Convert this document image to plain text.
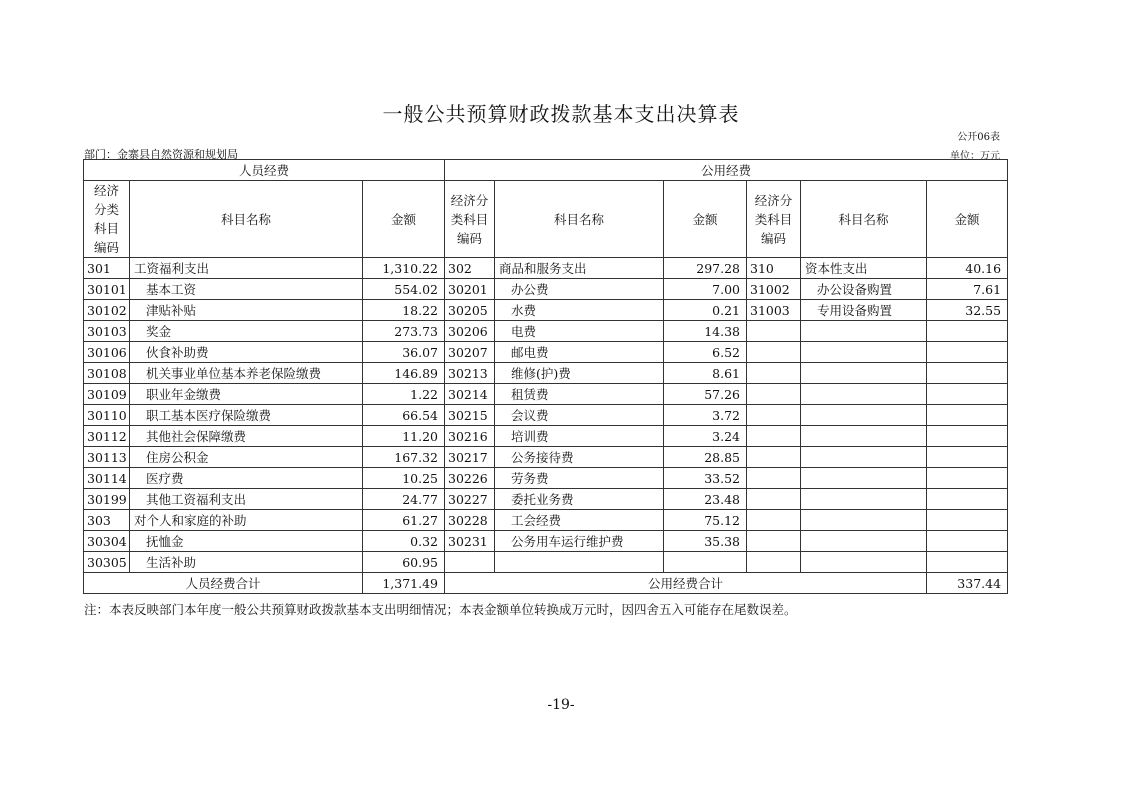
一般公共预算财政拨款基本支出决算表
公开06表
部门：金寨县自然资源和规划局	单位：万元
人员经费			公用经费					
经济分类科目编码	科目名称	金额	经济分类科目编码	科目名称	金额	经济分类科目编码	科目名称	金额
301	工资福利支出	1,310.22	302	商品和服务支出	297.28	310	资本性支出	40.16
30101	基本工资	554.02	30201	办公费	7.00	31002	办公设备购置	7.61
30102	津贴补贴	18.22	30205	水费	0.21	31003	专用设备购置	32.55
30103	奖金	273.73	30206	电费	14.38			
30106	伙食补助费	36.07	30207	邮电费	6.52			
30108	机关事业单位基本养老保险缴费	146.89	30213	维修(护)费	8.61			
30109	职业年金缴费	1.22	30214	租赁费	57.26			
30110	职工基本医疗保险缴费	66.54	30215	会议费	3.72			
30112	其他社会保障缴费	11.20	30216	培训费	3.24			
30113	住房公积金	167.32	30217	公务接待费	28.85			
30114	医疗费	10.25	30226	劳务费	33.52			
30199	其他工资福利支出	24.77	30227	委托业务费	23.48			
303	对个人和家庭的补助	61.27	30228	工会经费	75.12			
30304	抚恤金	0.32	30231	公务用车运行维护费	35.38			
30305	生活补助	60.95						
人员经费合计		1,371.49	公用经费合计					337.44
注：本表反映部门本年度一般公共预算财政拨款基本支出明细情况；本表金额单位转换成万元时，因四舍五入可能存在尾数误差。
-19-
